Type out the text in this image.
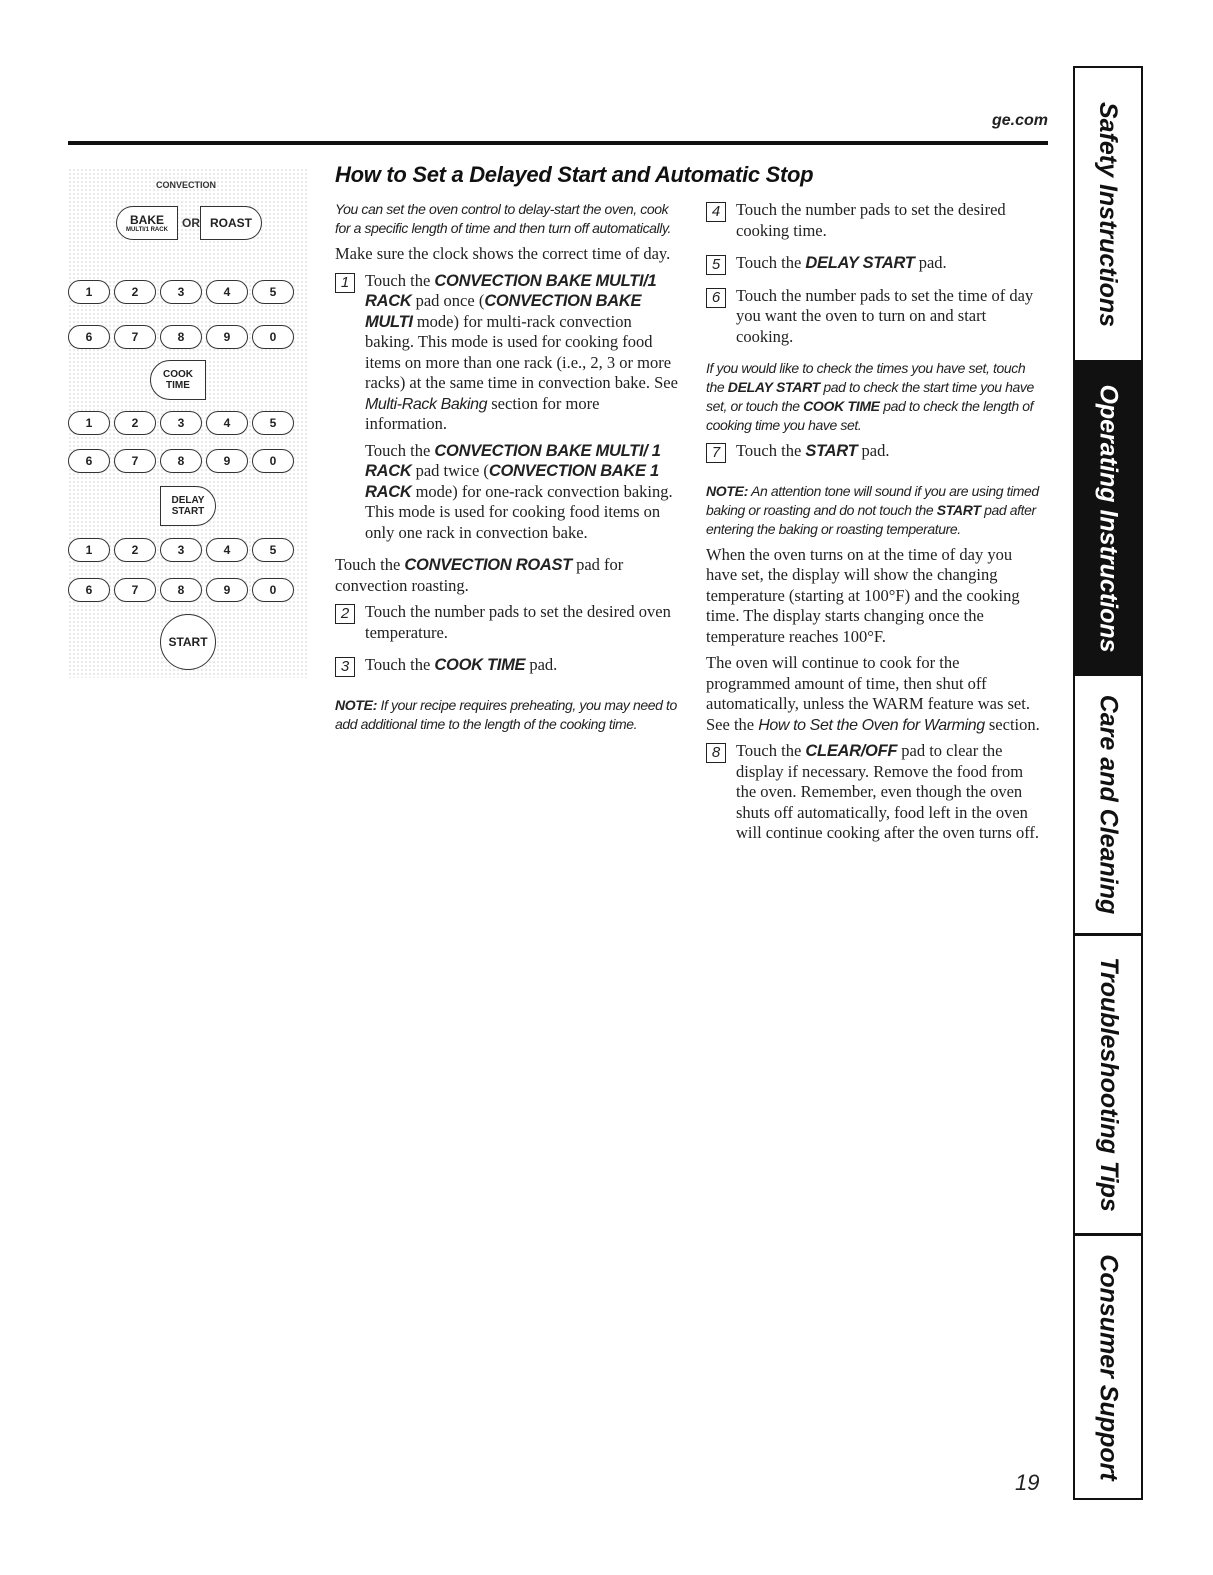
ge.com
How to Set a Delayed Start and Automatic Stop
CONVECTION
BAKE
MULTI/1 RACK OR ROAST
1	2	3	4	5
6	7	8	9	0
COOK
TIME
1	2	3	4	5
6	7	8	9	0
DELAY
START
1	2	3	4	5
6	7	8	9	0
START

You can set the oven control to delay-start the oven, cook for a specific length of time and then turn off automatically.

Make sure the clock shows the correct time of day.

1 Touch the CONVECTION BAKE MULTI/1 RACK pad once (CONVECTION BAKE MULTI mode) for multi-rack convection baking. This mode is used for cooking food items on more than one rack (i.e., 2, 3 or more racks) at the same time in convection bake. See Multi-Rack Baking section for more information.

Touch the CONVECTION BAKE MULTI/ 1 RACK pad twice (CONVECTION BAKE 1 RACK mode) for one-rack convection baking. This mode is used for cooking food items on only one rack in convection bake.

Touch the CONVECTION ROAST pad for convection roasting.

2 Touch the number pads to set the desired oven temperature.

3 Touch the COOK TIME pad.

NOTE: If your recipe requires preheating, you may need to add additional time to the length of the cooking time.

4 Touch the number pads to set the desired cooking time.

5 Touch the DELAY START pad.

6 Touch the number pads to set the time of day you want the oven to turn on and start cooking.

If you would like to check the times you have set, touch the DELAY START pad to check the start time you have set, or touch the COOK TIME pad to check the length of cooking time you have set.

7 Touch the START pad.

NOTE: An attention tone will sound if you are using timed baking or roasting and do not touch the START pad after entering the baking or roasting temperature.

When the oven turns on at the time of day you have set, the display will show the changing temperature (starting at 100°F) and the cooking time. The display starts changing once the temperature reaches 100°F.

The oven will continue to cook for the programmed amount of time, then shut off automatically, unless the WARM feature was set. See the How to Set the Oven for Warming section.

8 Touch the CLEAR/OFF pad to clear the display if necessary. Remove the food from the oven. Remember, even though the oven shuts off automatically, food left in the oven will continue cooking after the oven turns off.

19
Safety Instructions
Operating Instructions
Care and Cleaning
Troubleshooting Tips
Consumer Support
